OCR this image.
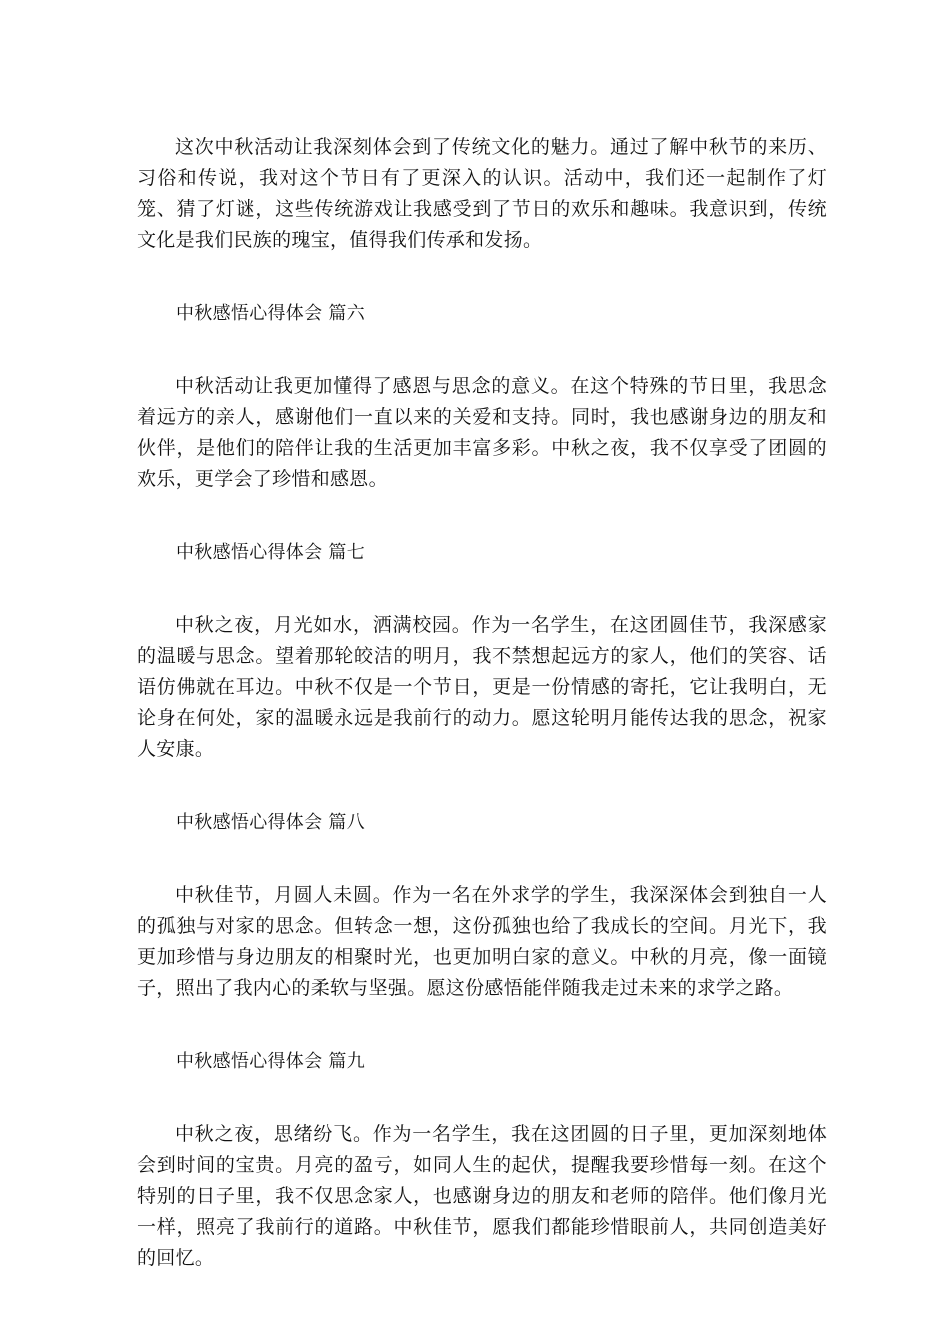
这次中秋活动让我深刻体会到了传统文化的魅力。通过了解中秋节的来历、习俗和传说，我对这个节日有了更深入的认识。活动中，我们还一起制作了灯笼、猜了灯谜，这些传统游戏让我感受到了节日的欢乐和趣味。我意识到，传统文化是我们民族的瑰宝，值得我们传承和发扬。

中秋感悟心得体会 篇六

中秋活动让我更加懂得了感恩与思念的意义。在这个特殊的节日里，我思念着远方的亲人，感谢他们一直以来的关爱和支持。同时，我也感谢身边的朋友和伙伴，是他们的陪伴让我的生活更加丰富多彩。中秋之夜，我不仅享受了团圆的欢乐，更学会了珍惜和感恩。

中秋感悟心得体会 篇七

中秋之夜，月光如水，洒满校园。作为一名学生，在这团圆佳节，我深感家的温暖与思念。望着那轮皎洁的明月，我不禁想起远方的家人，他们的笑容、话语仿佛就在耳边。中秋不仅是一个节日，更是一份情感的寄托，它让我明白，无论身在何处，家的温暖永远是我前行的动力。愿这轮明月能传达我的思念，祝家人安康。

中秋感悟心得体会 篇八

中秋佳节，月圆人未圆。作为一名在外求学的学生，我深深体会到独自一人的孤独与对家的思念。但转念一想，这份孤独也给了我成长的空间。月光下，我更加珍惜与身边朋友的相聚时光，也更加明白家的意义。中秋的月亮，像一面镜子，照出了我内心的柔软与坚强。愿这份感悟能伴随我走过未来的求学之路。

中秋感悟心得体会 篇九

中秋之夜，思绪纷飞。作为一名学生，我在这团圆的日子里，更加深刻地体会到时间的宝贵。月亮的盈亏，如同人生的起伏，提醒我要珍惜每一刻。在这个特别的日子里，我不仅思念家人，也感谢身边的朋友和老师的陪伴。他们像月光一样，照亮了我前行的道路。中秋佳节，愿我们都能珍惜眼前人，共同创造美好的回忆。
